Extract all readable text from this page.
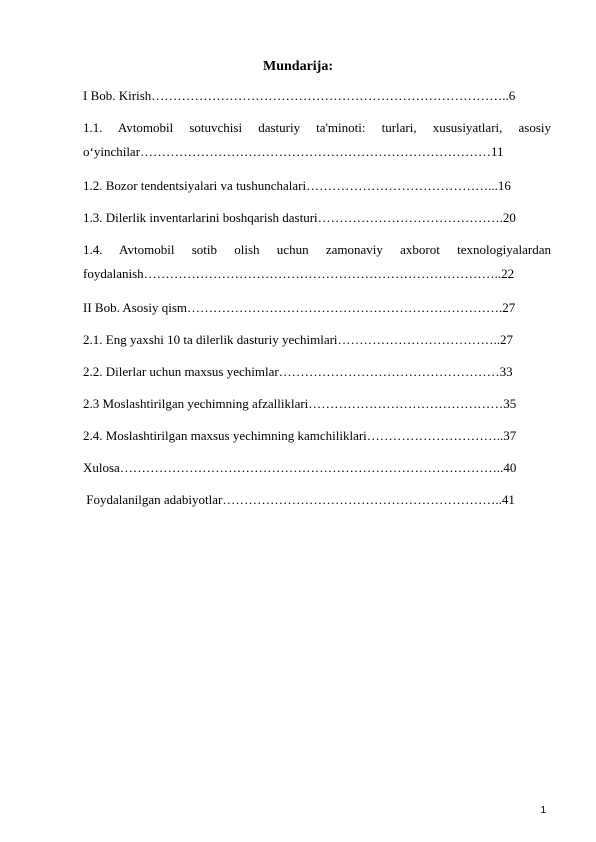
Mundarija:
I Bob. Kirish………………………………………………………………………..6
1.1. Avtomobil sotuvchisi dasturiy ta'minoti: turlari, xususiyatlari, asosiy
o‘yinchilar………………………………………………………………………11
1.2. Bozor tendentsiyalari va tushunchalari……………………………………...16
1.3. Dilerlik inventarlarini boshqarish dasturi…………………………………….20
1.4. Avtomobil sotib olish uchun zamonaviy axborot texnologiyalardan
foydalanish………………………………………………………………………..22
II Bob. Asosiy qism……………………………………………………………….27
2.1. Eng yaxshi 10 ta dilerlik dasturiy yechimlari………………………………..27
2.2. Dilerlar uchun maxsus yechimlar……………………………………………33
2.3 Moslashtirilgan yechimning afzalliklari………………………………………35
2.4. Moslashtirilgan maxsus yechimning kamchiliklari…………………………..37
Xulosa……………………………………………………………………………..40
Foydalanilgan adabiyotlar………………………………………………………..41
1
